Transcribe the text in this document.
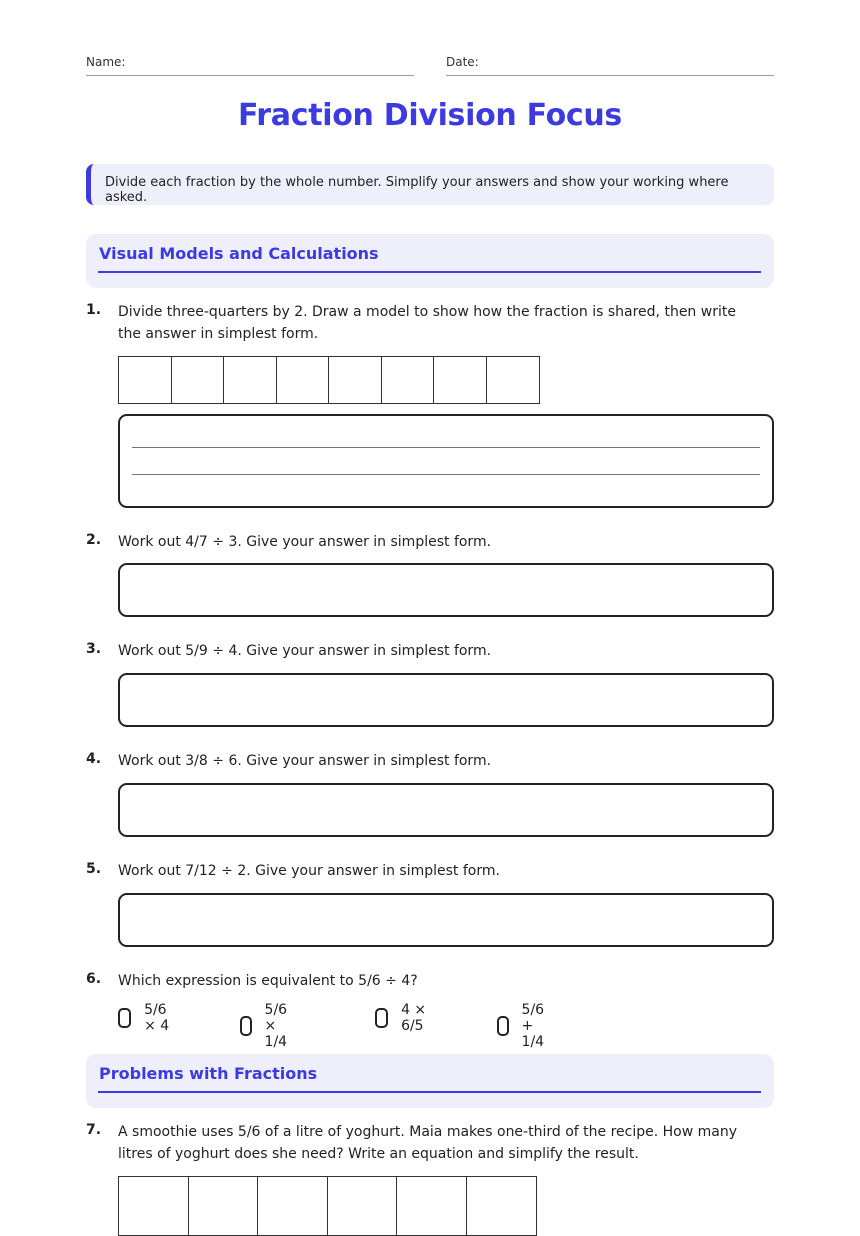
Name:	Date:
Fraction Division Focus
Divide each fraction by the whole number. Simplify your answers and show your working where asked.
Visual Models and Calculations
1. Divide three-quarters by 2. Draw a model to show how the fraction is shared, then write the answer in simplest form.
2. Work out 4/7 ÷ 3. Give your answer in simplest form.
3. Work out 5/9 ÷ 4. Give your answer in simplest form.
4. Work out 3/8 ÷ 6. Give your answer in simplest form.
5. Work out 7/12 ÷ 2. Give your answer in simplest form.
6. Which expression is equivalent to 5/6 ÷ 4?
5/6 × 4
5/6 × 1/4
4 × 6/5
5/6 + 1/4
Problems with Fractions
7. A smoothie uses 5/6 of a litre of yoghurt. Maia makes one-third of the recipe. How many litres of yoghurt does she need? Write an equation and simplify the result.
